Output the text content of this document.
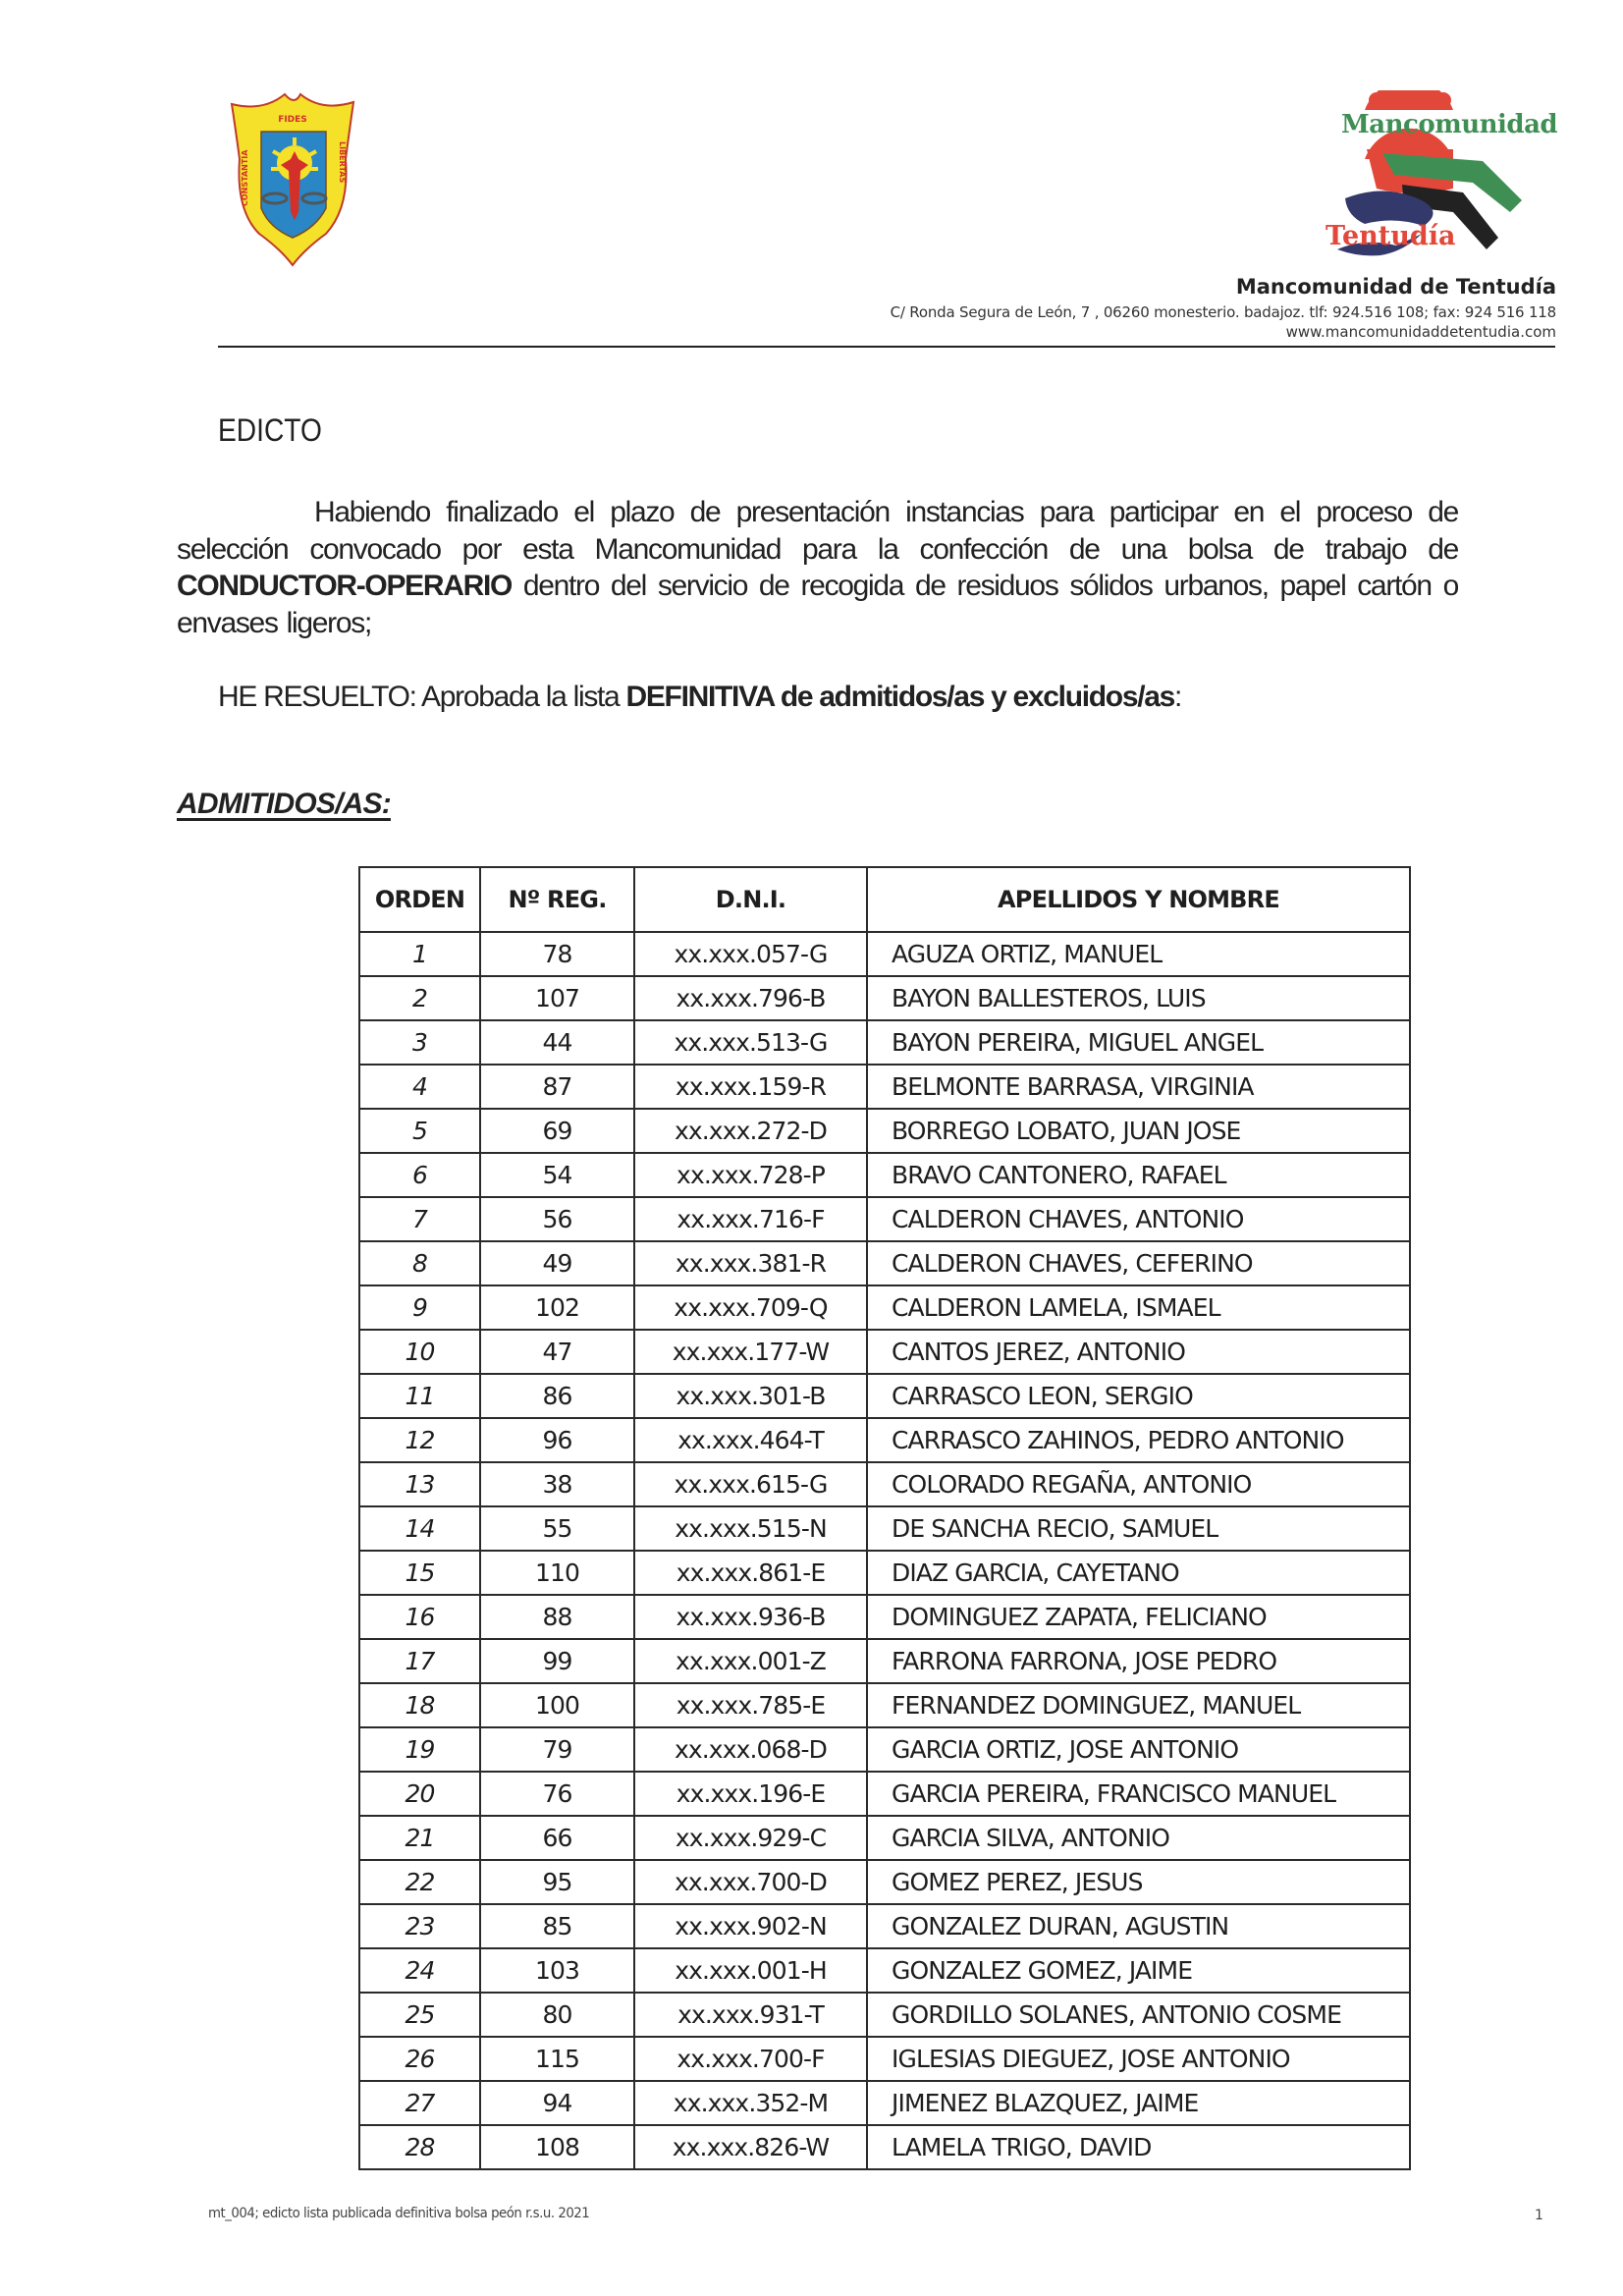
FIDES
CONSTANTIA	LIBERTAS
Mancomunidad
Tentudía
Mancomunidad de Tentudía
C/ Ronda Segura de León, 7 , 06260 monesterio. badajoz. tlf: 924.516 108; fax: 924 516 118
www.mancomunidaddetentudia.com
EDICTO
Habiendo finalizado el plazo de presentación instancias para participar en el proceso de selección convocado por esta Mancomunidad para la confección de una bolsa de trabajo de CONDUCTOR-OPERARIO dentro del servicio de recogida de residuos sólidos urbanos, papel cartón o envases ligeros;
HE RESUELTO: Aprobada la lista DEFINITIVA de admitidos/as y excluidos/as:
ADMITIDOS/AS:
ORDEN	Nº REG.	D.N.I.	APELLIDOS Y NOMBRE
1	78	xx.xxx.057-G	AGUZA ORTIZ, MANUEL
2	107	xx.xxx.796-B	BAYON BALLESTEROS, LUIS
3	44	xx.xxx.513-G	BAYON PEREIRA, MIGUEL ANGEL
4	87	xx.xxx.159-R	BELMONTE BARRASA, VIRGINIA
5	69	xx.xxx.272-D	BORREGO LOBATO, JUAN JOSE
6	54	xx.xxx.728-P	BRAVO CANTONERO, RAFAEL
7	56	xx.xxx.716-F	CALDERON CHAVES, ANTONIO
8	49	xx.xxx.381-R	CALDERON CHAVES, CEFERINO
9	102	xx.xxx.709-Q	CALDERON LAMELA, ISMAEL
10	47	xx.xxx.177-W	CANTOS JEREZ, ANTONIO
11	86	xx.xxx.301-B	CARRASCO LEON, SERGIO
12	96	xx.xxx.464-T	CARRASCO ZAHINOS, PEDRO ANTONIO
13	38	xx.xxx.615-G	COLORADO REGAÑA, ANTONIO
14	55	xx.xxx.515-N	DE SANCHA RECIO, SAMUEL
15	110	xx.xxx.861-E	DIAZ GARCIA, CAYETANO
16	88	xx.xxx.936-B	DOMINGUEZ ZAPATA, FELICIANO
17	99	xx.xxx.001-Z	FARRONA FARRONA, JOSE PEDRO
18	100	xx.xxx.785-E	FERNANDEZ DOMINGUEZ, MANUEL
19	79	xx.xxx.068-D	GARCIA ORTIZ, JOSE ANTONIO
20	76	xx.xxx.196-E	GARCIA PEREIRA, FRANCISCO MANUEL
21	66	xx.xxx.929-C	GARCIA SILVA, ANTONIO
22	95	xx.xxx.700-D	GOMEZ PEREZ, JESUS
23	85	xx.xxx.902-N	GONZALEZ DURAN, AGUSTIN
24	103	xx.xxx.001-H	GONZALEZ GOMEZ, JAIME
25	80	xx.xxx.931-T	GORDILLO SOLANES, ANTONIO COSME
26	115	xx.xxx.700-F	IGLESIAS DIEGUEZ, JOSE ANTONIO
27	94	xx.xxx.352-M	JIMENEZ BLAZQUEZ, JAIME
28	108	xx.xxx.826-W	LAMELA TRIGO, DAVID
mt_004; edicto lista publicada definitiva bolsa peón r.s.u. 2021	1
